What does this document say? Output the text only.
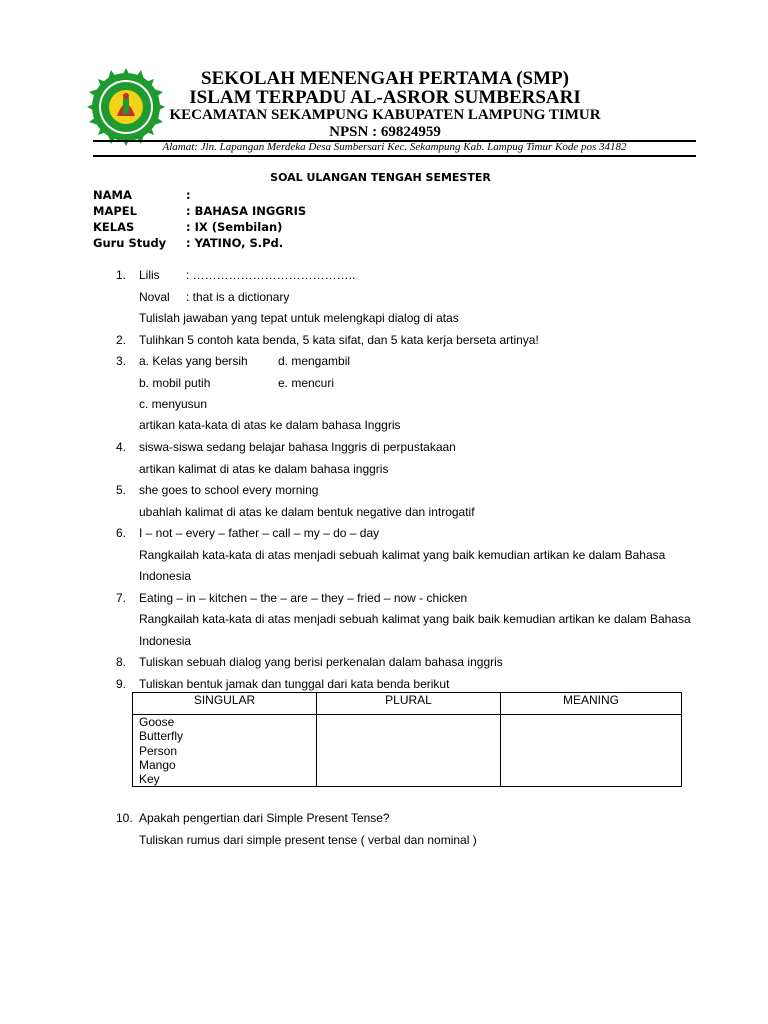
SEKOLAH MENENGAH PERTAMA (SMP)
ISLAM TERPADU AL-ASROR SUMBERSARI
KECAMATAN SEKAMPUNG KABUPATEN LAMPUNG TIMUR
NPSN : 69824959
Alamat: Jln. Lapangan Merdeka Desa Sumbersari Kec. Sekampung Kab. Lampug Timur Kode pos 34182
SOAL ULANGAN TENGAH SEMESTER
NAMA	:
MAPEL	: BAHASA INGGRIS
KELAS	: IX (Sembilan)
Guru Study : YATINO, S.Pd.
1. Lilis : …………………………………..
Noval : that is a dictionary
Tulislah jawaban yang tepat untuk melengkapi dialog di atas
2. Tulihkan 5 contoh kata benda, 5 kata sifat, dan 5 kata kerja berseta artinya!
3. a. Kelas yang bersih	d. mengambil
b. mobil putih	e. mencuri
c. menyusun
artikan kata-kata di atas ke dalam bahasa Inggris
4. siswa-siswa sedang belajar bahasa Inggris di perpustakaan
artikan kalimat di atas ke dalam bahasa inggris
5. she goes to school every morning
ubahlah kalimat di atas ke dalam bentuk negative dan introgatif
6. I – not – every – father – call – my – do – day
Rangkailah kata-kata di atas menjadi sebuah kalimat yang baik kemudian artikan ke dalam Bahasa
Indonesia
7. Eating – in – kitchen – the – are – they – fried – now - chicken
Rangkailah kata-kata di atas menjadi sebuah kalimat yang baik baik kemudian artikan ke dalam Bahasa
Indonesia
8. Tuliskan sebuah dialog yang berisi perkenalan dalam bahasa inggris
9. Tuliskan bentuk jamak dan tunggal dari kata benda berikut
SINGULAR	PLURAL	MEANING

Goose
Butterfly
Person
Mango
Key		

10. Apakah pengertian dari Simple Present Tense?
Tuliskan rumus dari simple present tense ( verbal dan nominal )
